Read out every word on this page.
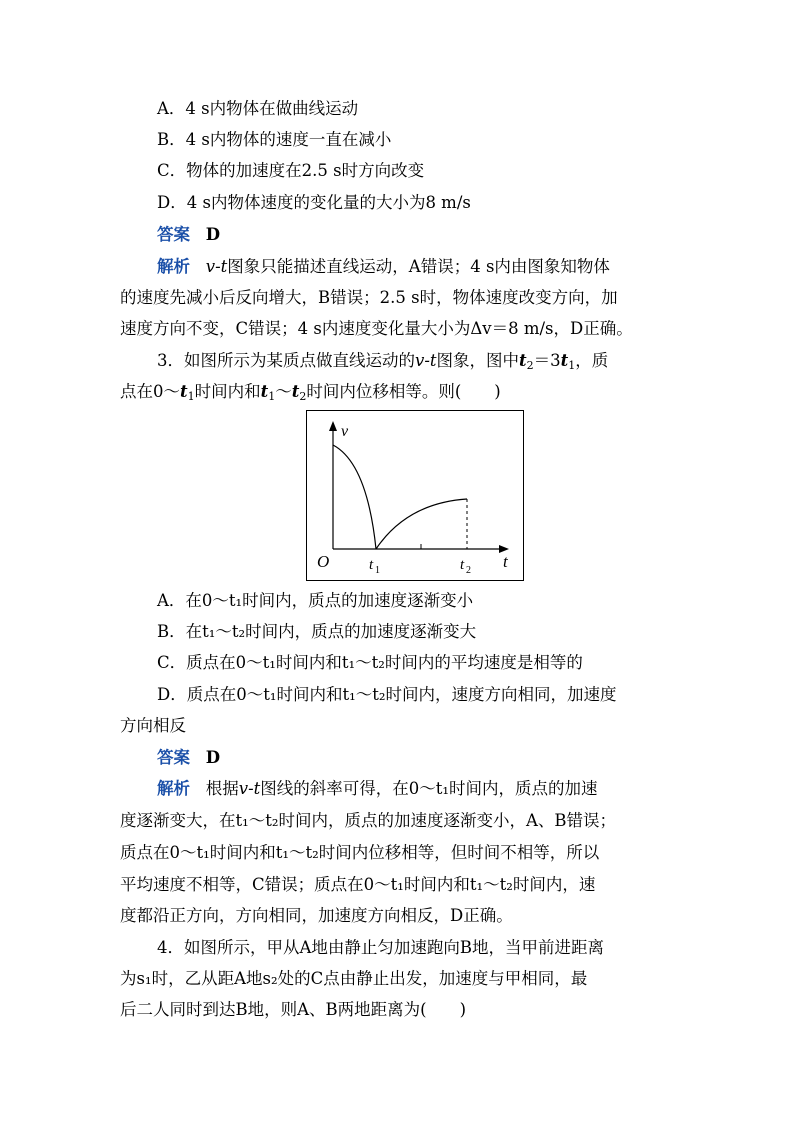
A．4 s内物体在做曲线运动
B．4 s内物体的速度一直在减小
C．物体的加速度在2.5 s时方向改变
D．4 s内物体速度的变化量的大小为8 m/s
答案 D
解析 v-t图象只能描述直线运动，A错误；4 s内由图象知物体
的速度先减小后反向增大，B错误；2.5 s时，物体速度改变方向，加
速度方向不变，C错误；4 s内速度变化量大小为Δv＝8 m/s，D正确。
3．如图所示为某质点做直线运动的v-t图象，图中$t_2=3t_1$，质
点在$0\sim t_1$时间内和$t_1\sim t_2$时间内位移相等。则(　　)
v
t
O	t 1	t 2
A．在0～t₁时间内，质点的加速度逐渐变小
B．在t₁～t₂时间内，质点的加速度逐渐变大
C．质点在0～t₁时间内和t₁～t₂时间内的平均速度是相等的
D．质点在0～t₁时间内和t₁～t₂时间内，速度方向相同，加速度
方向相反
答案 D
解析 根据v-t图线的斜率可得，在0～t₁时间内，质点的加速
度逐渐变大，在t₁～t₂时间内，质点的加速度逐渐变小，A、B错误；
质点在0～t₁时间内和t₁～t₂时间内位移相等，但时间不相等，所以
平均速度不相等，C错误；质点在0～t₁时间内和t₁～t₂时间内，速
度都沿正方向，方向相同，加速度方向相反，D正确。
4．如图所示，甲从A地由静止匀加速跑向B地，当甲前进距离
为s₁时，乙从距A地s₂处的C点由静止出发，加速度与甲相同，最
后二人同时到达B地，则A、B两地距离为(　　)
